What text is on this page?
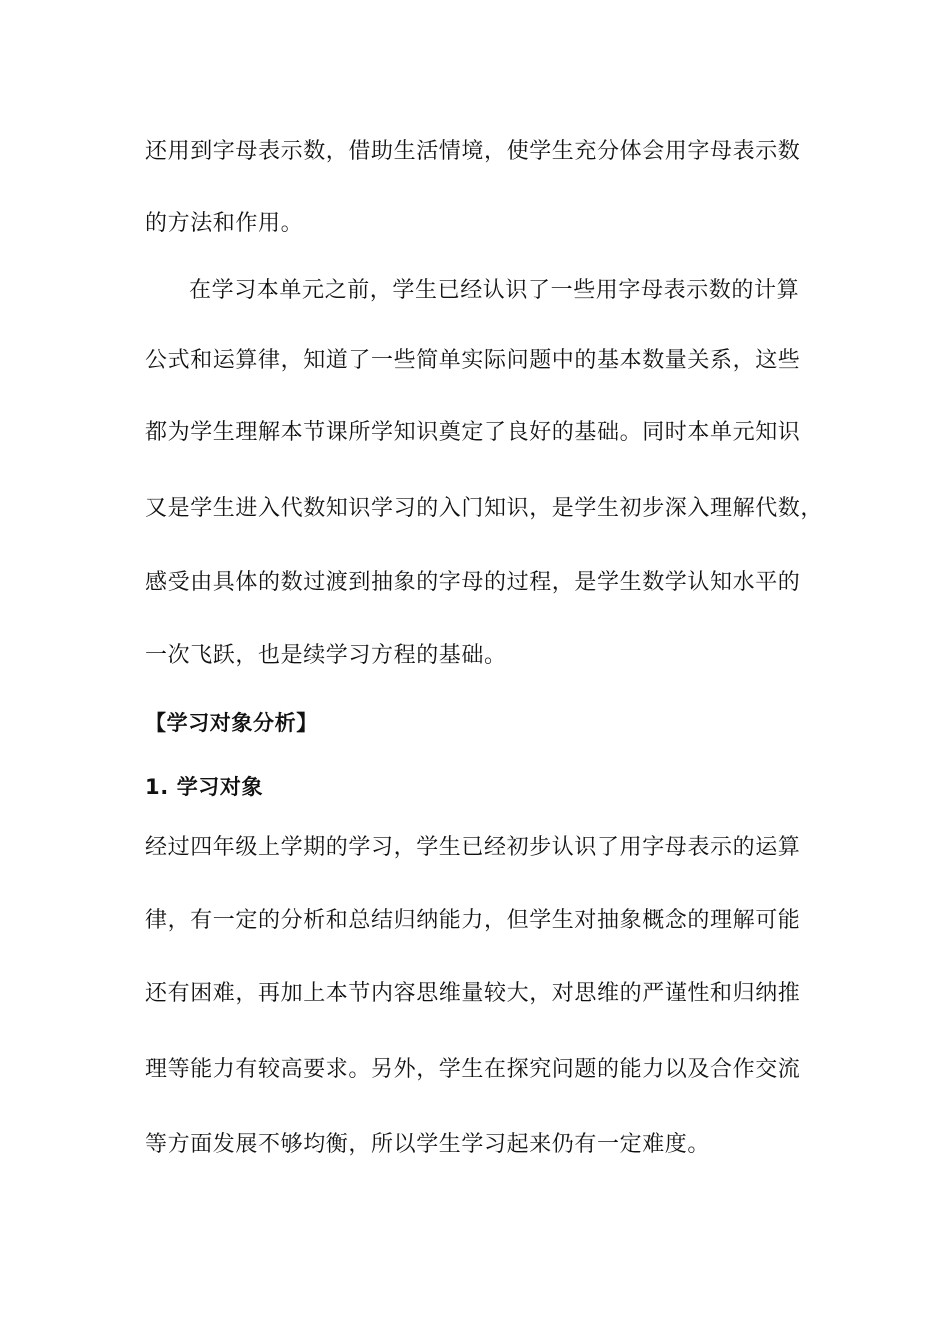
还用到字母表示数，借助生活情境，使学生充分体会用字母表示数
的方法和作用。
在学习本单元之前，学生已经认识了一些用字母表示数的计算
公式和运算律，知道了一些简单实际问题中的基本数量关系，这些
都为学生理解本节课所学知识奠定了良好的基础。同时本单元知识
又是学生进入代数知识学习的入门知识，是学生初步深入理解代数，
感受由具体的数过渡到抽象的字母的过程，是学生数学认知水平的
一次飞跃，也是续学习方程的基础。
【学习对象分析】
1. 学习对象
经过四年级上学期的学习，学生已经初步认识了用字母表示的运算
律，有一定的分析和总结归纳能力，但学生对抽象概念的理解可能
还有困难，再加上本节内容思维量较大，对思维的严谨性和归纳推
理等能力有较高要求。另外，学生在探究问题的能力以及合作交流
等方面发展不够均衡，所以学生学习起来仍有一定难度。
